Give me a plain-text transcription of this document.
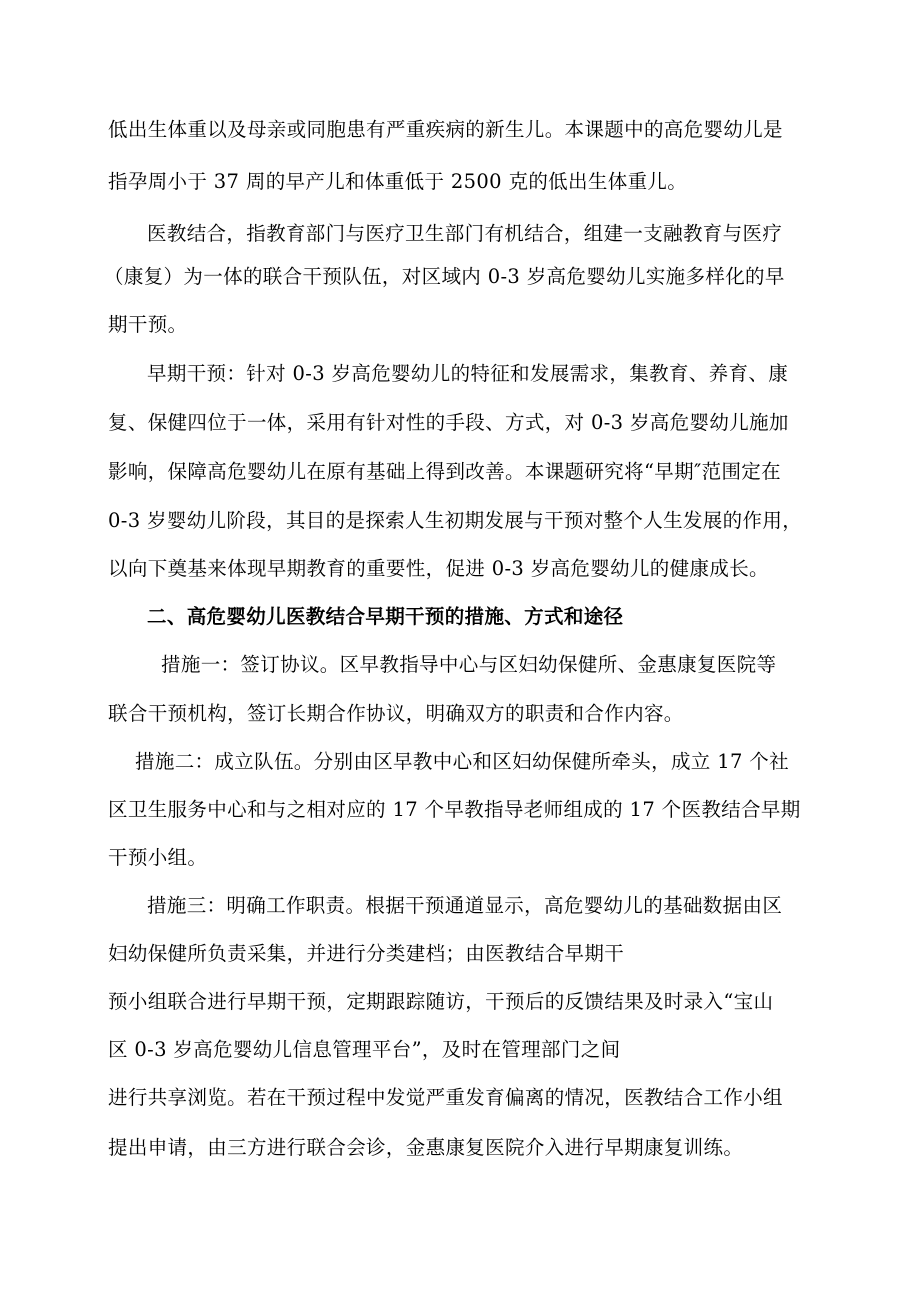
低出生体重以及母亲或同胞患有严重疾病的新生儿。本课题中的高危婴幼儿是
指孕周小于 37 周的早产儿和体重低于 2500 克的低出生体重儿。
医教结合，指教育部门与医疗卫生部门有机结合，组建一支融教育与医疗
（康复）为一体的联合干预队伍，对区域内 0-3 岁高危婴幼儿实施多样化的早
期干预。
早期干预：针对 0-3 岁高危婴幼儿的特征和发展需求，集教育、养育、康
复、保健四位于一体，采用有针对性的手段、方式，对 0-3 岁高危婴幼儿施加
影响，保障高危婴幼儿在原有基础上得到改善。本课题研究将“早期″范围定在
0-3 岁婴幼儿阶段，其目的是探索人生初期发展与干预对整个人生发展的作用，
以向下奠基来体现早期教育的重要性，促进 0-3 岁高危婴幼儿的健康成长。
二、高危婴幼儿医教结合早期干预的措施、方式和途径
措施一：签订协议。区早教指导中心与区妇幼保健所、金惠康复医院等
联合干预机构，签订长期合作协议，明确双方的职责和合作内容。
措施二：成立队伍。分别由区早教中心和区妇幼保健所牵头，成立 17 个社
区卫生服务中心和与之相对应的 17 个早教指导老师组成的 17 个医教结合早期
干预小组。
措施三：明确工作职责。根据干预通道显示，高危婴幼儿的基础数据由区
妇幼保健所负责采集，并进行分类建档；由医教结合早期干
预小组联合进行早期干预，定期跟踪随访，干预后的反馈结果及时录入“宝山
区 0-3 岁高危婴幼儿信息管理平台”，及时在管理部门之间
进行共享浏览。若在干预过程中发觉严重发育偏离的情况，医教结合工作小组
提出申请，由三方进行联合会诊，金惠康复医院介入进行早期康复训练。
